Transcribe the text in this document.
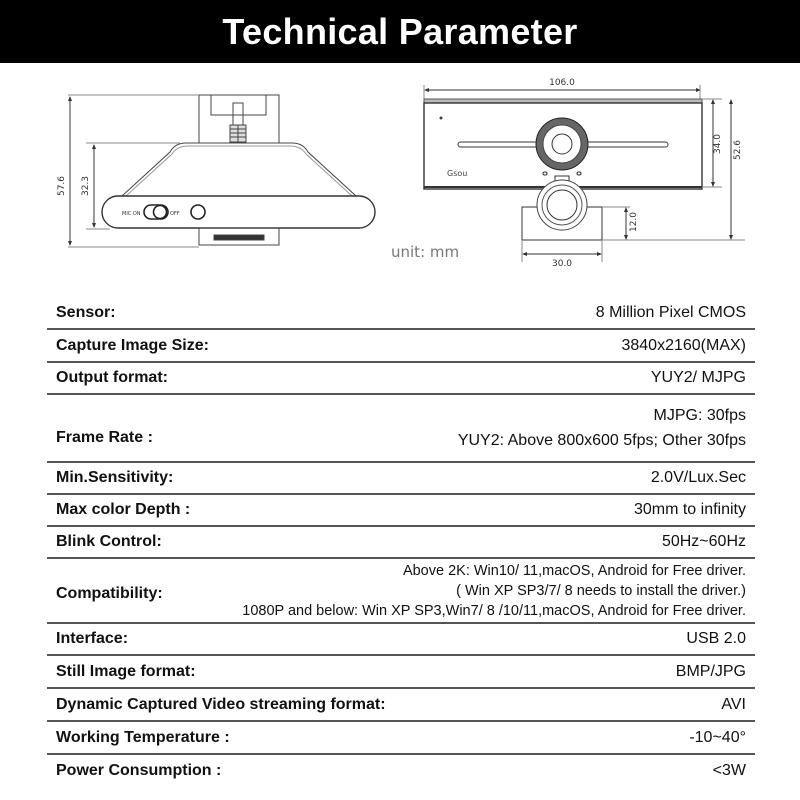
Technical Parameter
57.6 32.3
MIC ON	OFF
106.0
34.0 52.6
12.0
30.0
Gsou
unit: mm
Sensor:	8 Million Pixel CMOS
Capture Image Size:	3840x2160(MAX)
Output format:	YUY2/ MJPG
Frame Rate :
MJPG: 30fps
YUY2: Above 800x600 5fps; Other 30fps
Min.Sensitivity:	2.0V/Lux.Sec
Max color Depth :	30mm to infinity
Blink Control:	50Hz~60Hz
Compatibility:
Above 2K: Win10/ 11,macOS, Android for Free driver.
( Win XP SP3/7/ 8 needs to install the driver.)
1080P and below: Win XP SP3,Win7/ 8 /10/11,macOS, Android for Free driver.
Interface:	USB 2.0
Still Image format:	BMP/JPG
Dynamic Captured Video streaming format:	AVI
Working Temperature :	-10~40°
Power Consumption :	<3W
